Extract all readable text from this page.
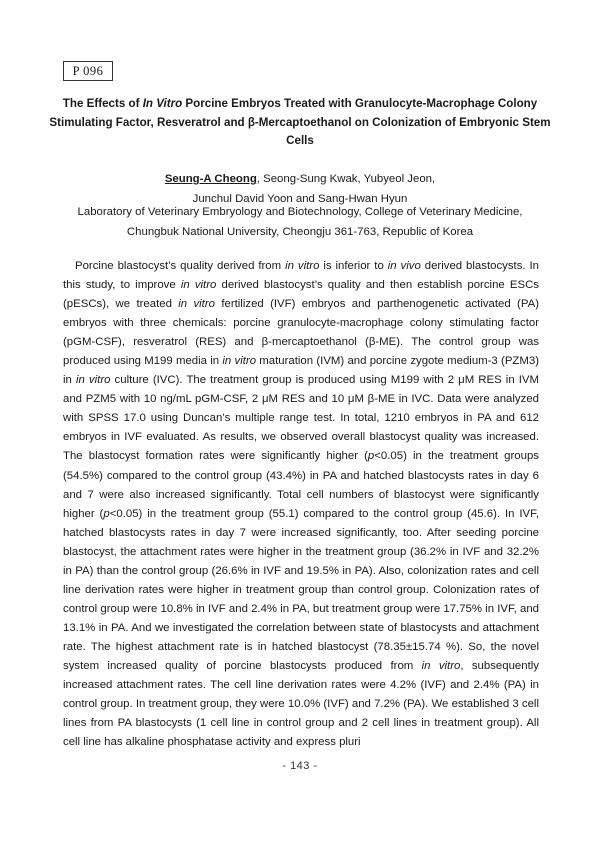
P 096
The Effects of In Vitro Porcine Embryos Treated with Granulocyte-Macrophage Colony Stimulating Factor, Resveratrol and β-Mercaptoethanol on Colonization of Embryonic Stem Cells
Seung-A Cheong, Seong-Sung Kwak, Yubyeol Jeon,
Junchul David Yoon and Sang-Hwan Hyun
Laboratory of Veterinary Embryology and Biotechnology, College of Veterinary Medicine,
Chungbuk National University, Cheongju 361-763, Republic of Korea

Porcine blastocyst’s quality derived from in vitro is inferior to in vivo derived blastocysts. In this study, to improve in vitro derived blastocyst’s quality and then establish porcine ESCs (pESCs), we treated in vitro fertilized (IVF) embryos and parthenogenetic activated (PA) embryos with three chemicals: porcine granulocyte-macrophage colony stimulating factor (pGM-CSF), resveratrol (RES) and β-mercaptoethanol (β-ME). The control group was produced using M199 media in in vitro maturation (IVM) and porcine zygote medium-3 (PZM3) in in vitro culture (IVC). The treatment group is produced using M199 with 2 μM RES in IVM and PZM5 with 10 ng/mL pGM-CSF, 2 μM RES and 10 μM β-ME in IVC. Data were analyzed with SPSS 17.0 using Duncan’s multiple range test. In total, 1210 embryos in PA and 612 embryos in IVF evaluated. As results, we observed overall blastocyst quality was increased. The blastocyst formation rates were significantly higher (p<0.05) in the treatment groups (54.5%) compared to the control group (43.4%) in PA and hatched blastocysts rates in day 6 and 7 were also increased significantly. Total cell numbers of blastocyst were significantly higher (p<0.05) in the treatment group (55.1) compared to the control group (45.6). In IVF, hatched blastocysts rates in day 7 were increased significantly, too. After seeding porcine blastocyst, the attachment rates were higher in the treatment group (36.2% in IVF and 32.2% in PA) than the control group (26.6% in IVF and 19.5% in PA). Also, colonization rates and cell line derivation rates were higher in treatment group than control group. Colonization rates of control group were 10.8% in IVF and 2.4% in PA, but treatment group were 17.75% in IVF, and 13.1% in PA. And we investigated the correlation between state of blastocysts and attachment rate. The highest attachment rate is in hatched blastocyst (78.35±15.74 %). So, the novel system increased quality of porcine blastocysts produced from in vitro, subsequently increased attachment rates. The cell line derivation rates were 4.2% (IVF) and 2.4% (PA) in control group. In treatment group, they were 10.0% (IVF) and 7.2% (PA). We established 3 cell lines from PA blastocysts (1 cell line in control group and 2 cell lines in treatment group). All cell line has alkaline phosphatase activity and express pluri

- 143 -
